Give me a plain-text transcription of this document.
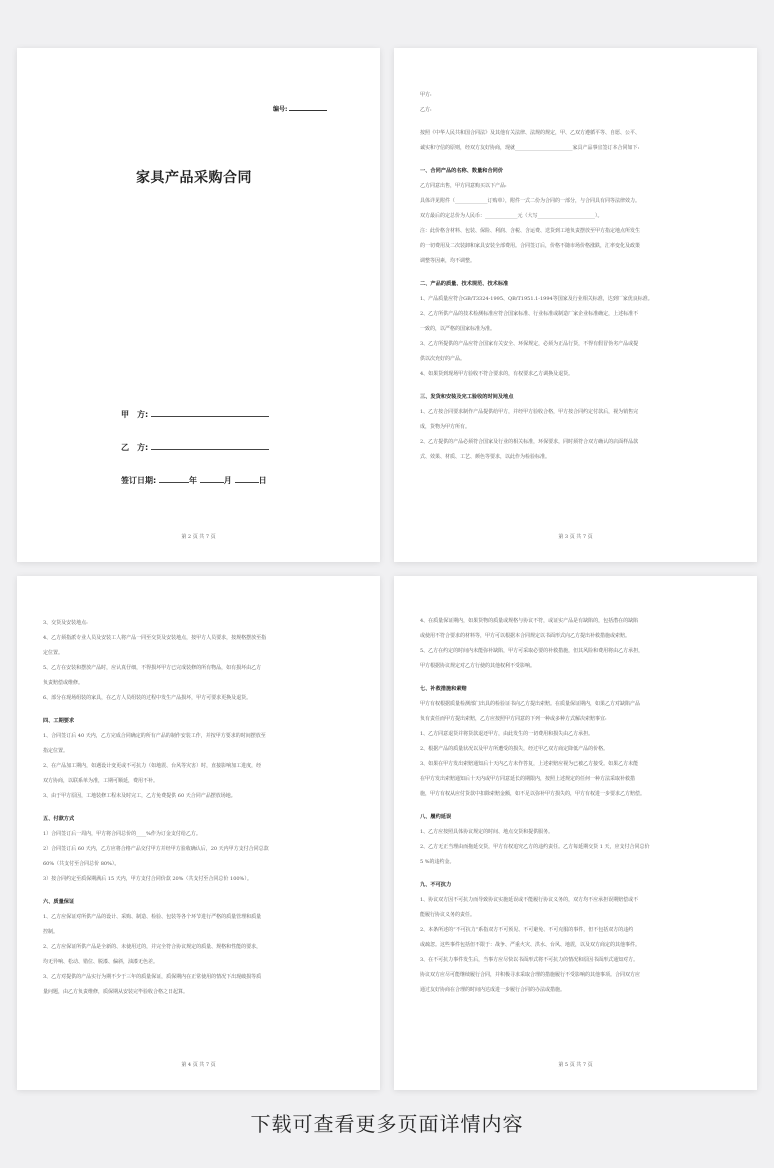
编号:
家具产品采购合同
甲　方:
乙　方:
签订日期:	年	月	日
第 2 页 共 7 页

甲方:

乙方:

按照《中华人民共和国合同法》及其他有关法律、法规的规定，甲、乙双方遵循平等、自愿、公平、

诚实和守信的原则，经双方友好协商，现就_______________________家具产品事宜签订本合同如下:

一、合同产品的名称、数量和合同价

乙方同意出售，甲方同意购买以下产品:

具体详见附件（_____________订购单），附件一式二份为合同的一部分，与合同具有同等法律效力。

双方最后的定总价为人民币：_____________元（大写_______________________）。

注：此价格含材料、包装、保险、利润、含税、含运费、送货到工地负责摆放至甲方指定地点所发生

的一切费用及二次装卸和家具安装全部费用。合同签订后，价格不随市场价格涨跌，汇率变化及政策

调整等因素，均不调整。

二、产品的质量、技术规范、技术标准

1、产品质量应符合GB/T3324-1995、QB/T1951.1-1994等国家及行业相关标准，达到厂家优良标准。

2、乙方所供产品的技术检测标准应符合国家标准、行业标准或制造厂家企业标准确定，上述标准不

一致的，以严格的国家标准为准。

3、乙方所提供的产品应符合国家有关安全、环保规定，必须为正品行货，不得有假冒伪劣产品或提

供以次充好的产品。

4、如果货到现场甲方验收不符合要求的，有权要求乙方调换及退货。

三、发货和安装及完工验收的时间及地点

1、乙方按合同要求制作产品提供给甲方，并经甲方验收合格，甲方按合同约定付款后，视为销售完

成，货物为甲方所有。

2、乙方提供的产品必须符合国家及行业的相关标准，环保要求，同时须符合双方确认的店面样品款

式、效果、材质、工艺、颜色等要求，以此作为检验标准。

第 3 页 共 7 页

3、交货及安装地点:

4、乙方须指派专业人员及安装工人将产品一同至交货及安装地点，按甲方人员要求，按规格摆放至指

定位置。

5、乙方在安装和摆放产品时，应认真仔细，不得损坏甲方已完成装修的所有物品，如有损坏由乙方

负责赔偿或维修。

6、部分在现场组装的家具，在乙方人员组装的过程中发生产品损坏，甲方可要求更换及退货。

四、工期要求

1、合同签订后 40 天内，乙方完成合同确定的所有产品的制作安装工作，并按甲方要求的时间摆放至

指定位置。

2、在产品加工期内，如遇设计变更或不可抗力（如地震、台风等灾害）时，直接影响加工进度，经

双方协商，以联系单为准，工期可顺延，费用不补。

3、由于甲方原因，工地装修工程未及时完工，乙方免费提供 60 天合同产品摆放场地。

五、付款方式

1）合同签订后一周内，甲方将合同总价的____%作为订金支付给乙方。

2）合同签订后 60 天内，乙方应将合格产品交付甲方并经甲方验收确认后，20 天内甲方支付合同总款

60%（共支付至合同总价 80%）。

3）按合同约定至质保期满后 15 天内，甲方支付合同价款 20%（共支付至合同总价 100%）。

六、质量保证

1、乙方应保证对所供产品的设计、采购、制造、检验、包装等各个环节进行严格的质量管理和质量

控制。

2、乙方应保证所供产品是全新的、未使用过的，并完全符合协议规定的质量、规格和性能的要求，

均无异响、松动、错位、脱漆、偏斜，油漆无色差。

3、乙方对提供的产品实行为期不少于三年的质量保证，质保期内在正常使用的情况下出现破损等质

量问题，由乙方负责维修，质保期从安装完毕验收合格之日起算。

第 4 页 共 7 页

4、在质量保证期内，如果货物的质量或规格与协议不符，或证实产品是有缺陷的，包括潜在的缺陷

或使用不符合要求的材料等，甲方可以根据本合同规定以书面形式向乙方提出补救措施或索赔。

5、乙方在约定的时间内未能弥补缺陷，甲方可采取必要的补救措施，但其风险和费用将由乙方承担，

甲方根据协议规定对乙方行使的其他权利不受影响。

七、补救措施和索赔

甲方有权根据质量检测部门出具的检验证书向乙方提出索赔。在质量保证期内，如果乙方对缺陷产品

负有责任而甲方提出索赔，乙方应按照甲方同意的下列一种或多种方式解决索赔事宜:

1、乙方同意退货并将货款退还甲方，由此发生的一切费用和损失由乙方承担。

2、根据产品的质量状况以及甲方所遭受的损失，经过甲乙双方商定降低产品的价格。

3、如果在甲方发出索赔通知后十天内乙方未作答复，上述索赔应视为已被乙方接受。如果乙方未能

在甲方发出索赔通知后十天内或甲方同意延长的期限内，按照上述规定的任何一种方法采取补救措

施，甲方有权从应付货款中扣除索赔金额，如不足以弥补甲方损失的，甲方有权进一步要求乙方赔偿。

八、履约延误

1、乙方应按照具体协议规定的时间、地点交货和提供服务。

2、乙方无正当理由而拖延交货，甲方有权追究乙方的违约责任。乙方每延期交货 1 天，应支付合同总价

5 %的违约金。

九、不可抗力

1、协议双方因不可抗力而导致协议实施延误或不能履行协议义务的，双方均不应承担误期赔偿或不

能履行协议义务的责任。

2、本条所述的“不可抗力”系指双方不可预见、不可避免、不可克服的事件，但不包括双方的违约

或疏忽。这些事件包括但不限于：战争、严重火灾、洪水、台风、地震，以及双方商定的其他事件。

3、在不可抗力事件发生后，当事方应尽快以书面形式将不可抗力的情况和原因书面形式通知对方。

协议双方应尽可能继续履行合同，并积极寻求采取合理的措施履行不受影响的其他事项。合同双方应

通过友好协商在合理的时间内达成进一步履行合同的办法或措施。

第 5 页 共 7 页
下载可查看更多页面详情内容
